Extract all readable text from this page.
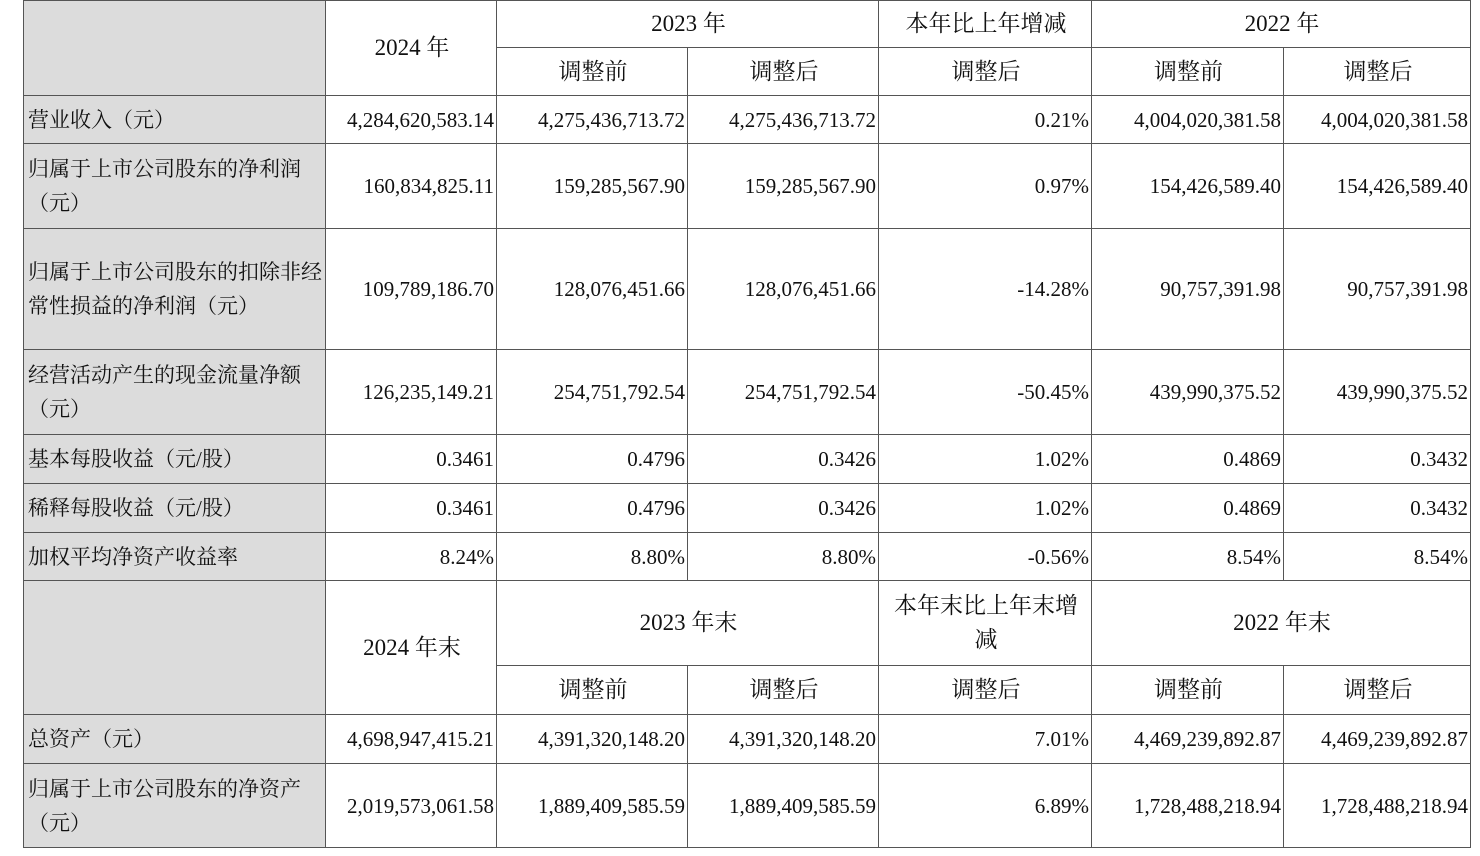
	2024 年	2023 年		本年比上年增减	2022 年	
		调整前	调整后	调整后	调整前	调整后
营业收入（元）	4,284,620,583.14	4,275,436,713.72	4,275,436,713.72	0.21%	4,004,020,381.58	4,004,020,381.58
归属于上市公司股东的净利润（元）	160,834,825.11	159,285,567.90	159,285,567.90	0.97%	154,426,589.40	154,426,589.40
归属于上市公司股东的扣除非经常性损益的净利润（元）	109,789,186.70	128,076,451.66	128,076,451.66	-14.28%	90,757,391.98	90,757,391.98
经营活动产生的现金流量净额（元）	126,235,149.21	254,751,792.54	254,751,792.54	-50.45%	439,990,375.52	439,990,375.52
基本每股收益（元/股）	0.3461	0.4796	0.3426	1.02%	0.4869	0.3432
稀释每股收益（元/股）	0.3461	0.4796	0.3426	1.02%	0.4869	0.3432
加权平均净资产收益率	8.24%	8.80%	8.80%	-0.56%	8.54%	8.54%
	2024 年末	2023 年末		本年末比上年末增减	2022 年末	
		调整前	调整后	调整后	调整前	调整后
总资产（元）	4,698,947,415.21	4,391,320,148.20	4,391,320,148.20	7.01%	4,469,239,892.87	4,469,239,892.87
归属于上市公司股东的净资产（元）	2,019,573,061.58	1,889,409,585.59	1,889,409,585.59	6.89%	1,728,488,218.94	1,728,488,218.94
